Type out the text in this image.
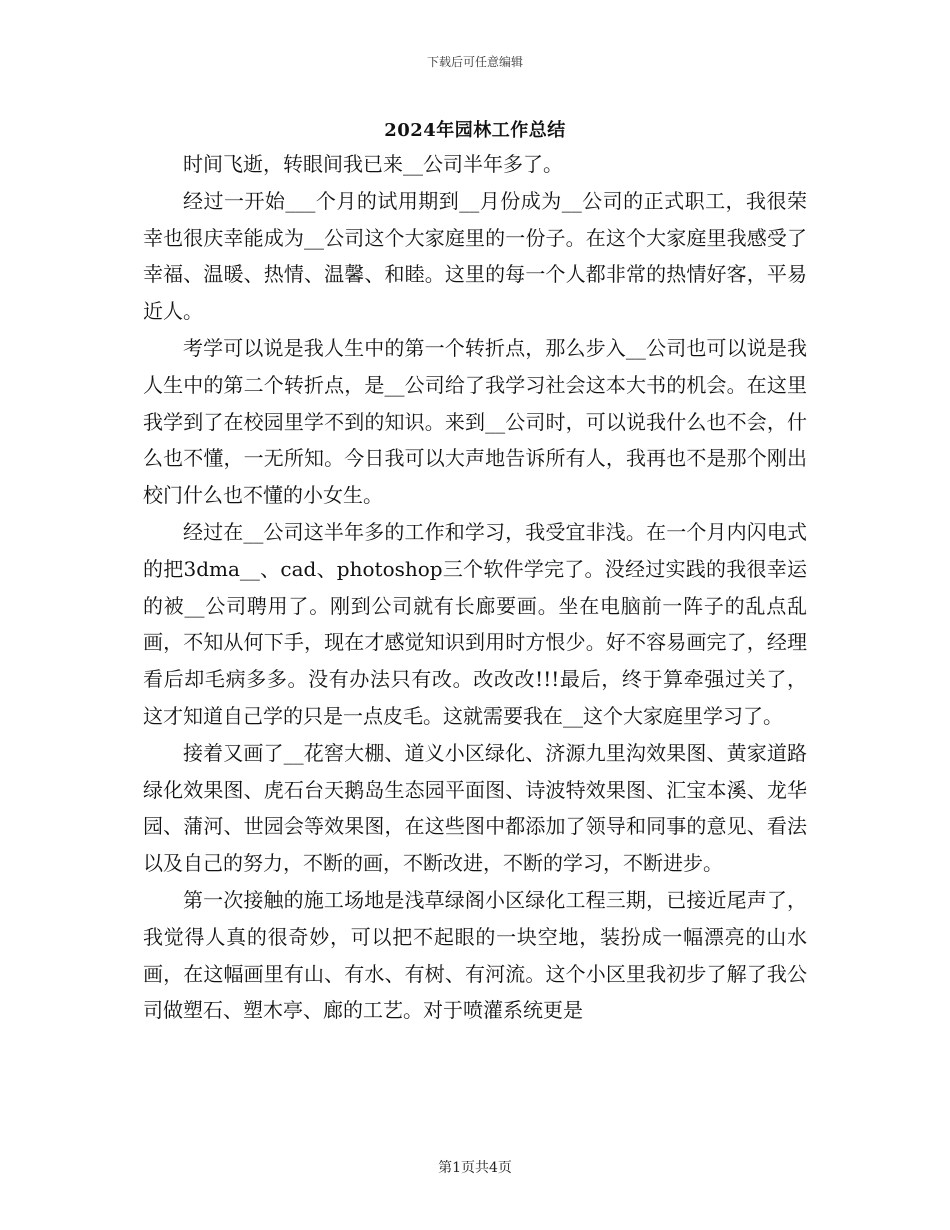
下载后可任意编辑
2024年园林工作总结

时间飞逝，转眼间我已来__公司半年多了。

经过一开始___个月的试用期到__月份成为__公司的正式职工，我很荣幸也很庆幸能成为__公司这个大家庭里的一份子。在这个大家庭里我感受了幸福、温暖、热情、温馨、和睦。这里的每一个人都非常的热情好客，平易近人。

考学可以说是我人生中的第一个转折点，那么步入__公司也可以说是我人生中的第二个转折点，是__公司给了我学习社会这本大书的机会。在这里我学到了在校园里学不到的知识。来到__公司时，可以说我什么也不会，什么也不懂，一无所知。今日我可以大声地告诉所有人，我再也不是那个刚出校门什么也不懂的小女生。

经过在__公司这半年多的工作和学习，我受宜非浅。在一个月内闪电式的把3dma__、cad、photoshop三个软件学完了。没经过实践的我很幸运的被__公司聘用了。刚到公司就有长廊要画。坐在电脑前一阵子的乱点乱画，不知从何下手，现在才感觉知识到用时方恨少。好不容易画完了，经理看后却毛病多多。没有办法只有改。改改改!!!最后，终于算牵强过关了，这才知道自己学的只是一点皮毛。这就需要我在__这个大家庭里学习了。

接着又画了__花窖大棚、道义小区绿化、济源九里沟效果图、黄家道路绿化效果图、虎石台天鹅岛生态园平面图、诗波特效果图、汇宝本溪、龙华园、蒲河、世园会等效果图，在这些图中都添加了领导和同事的意见、看法以及自己的努力，不断的画，不断改进，不断的学习，不断进步。

第一次接触的施工场地是浅草绿阁小区绿化工程三期，已接近尾声了，我觉得人真的很奇妙，可以把不起眼的一块空地，装扮成一幅漂亮的山水画，在这幅画里有山、有水、有树、有河流。这个小区里我初步了解了我公司做塑石、塑木亭、廊的工艺。对于喷灌系统更是

第1页共4页
